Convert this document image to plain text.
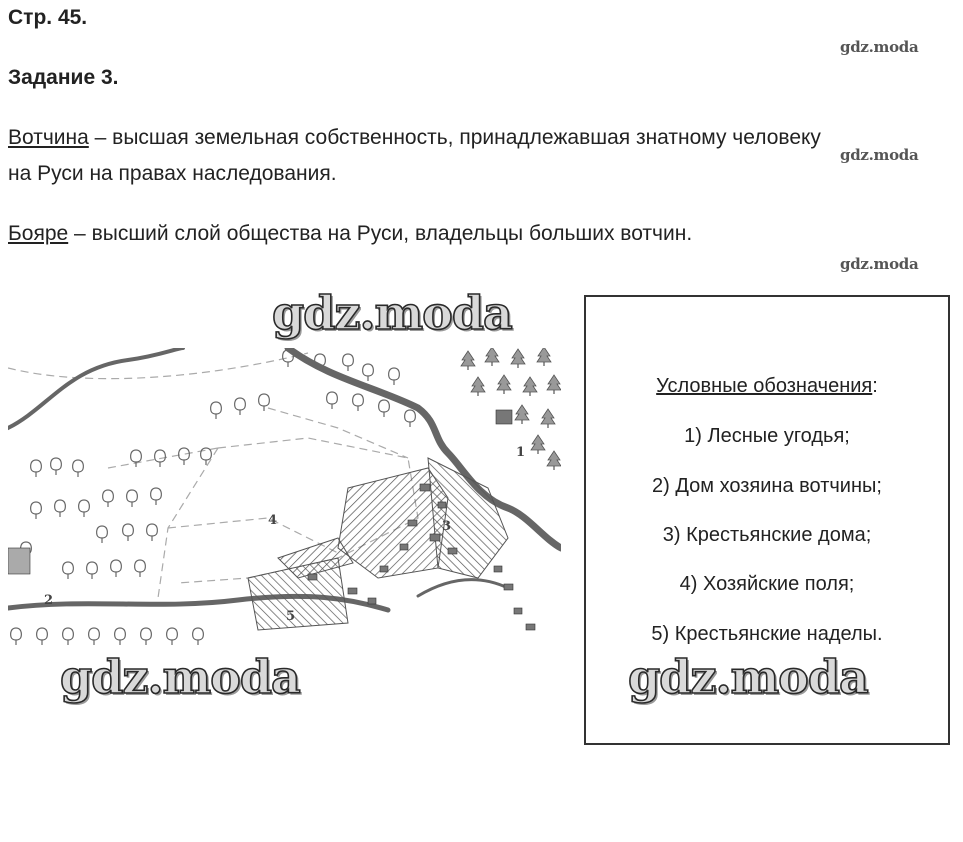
Стр. 45.

Задание 3.

Вотчина – высшая земельная собственность, принадлежавшая знатному человеку
на Руси на правах наследования.
Бояре – высший слой общества на Руси, владельцы больших вотчин.
gdz.moda
gdz.moda
gdz.moda
1
2
3
4
5
gdz.moda
gdz.moda
Условные обозначения:
1) Лесные угодья;
2) Дом хозяина вотчины;
3) Крестьянские дома;
4) Хозяйские поля;
5) Крестьянские наделы.
gdz.moda
